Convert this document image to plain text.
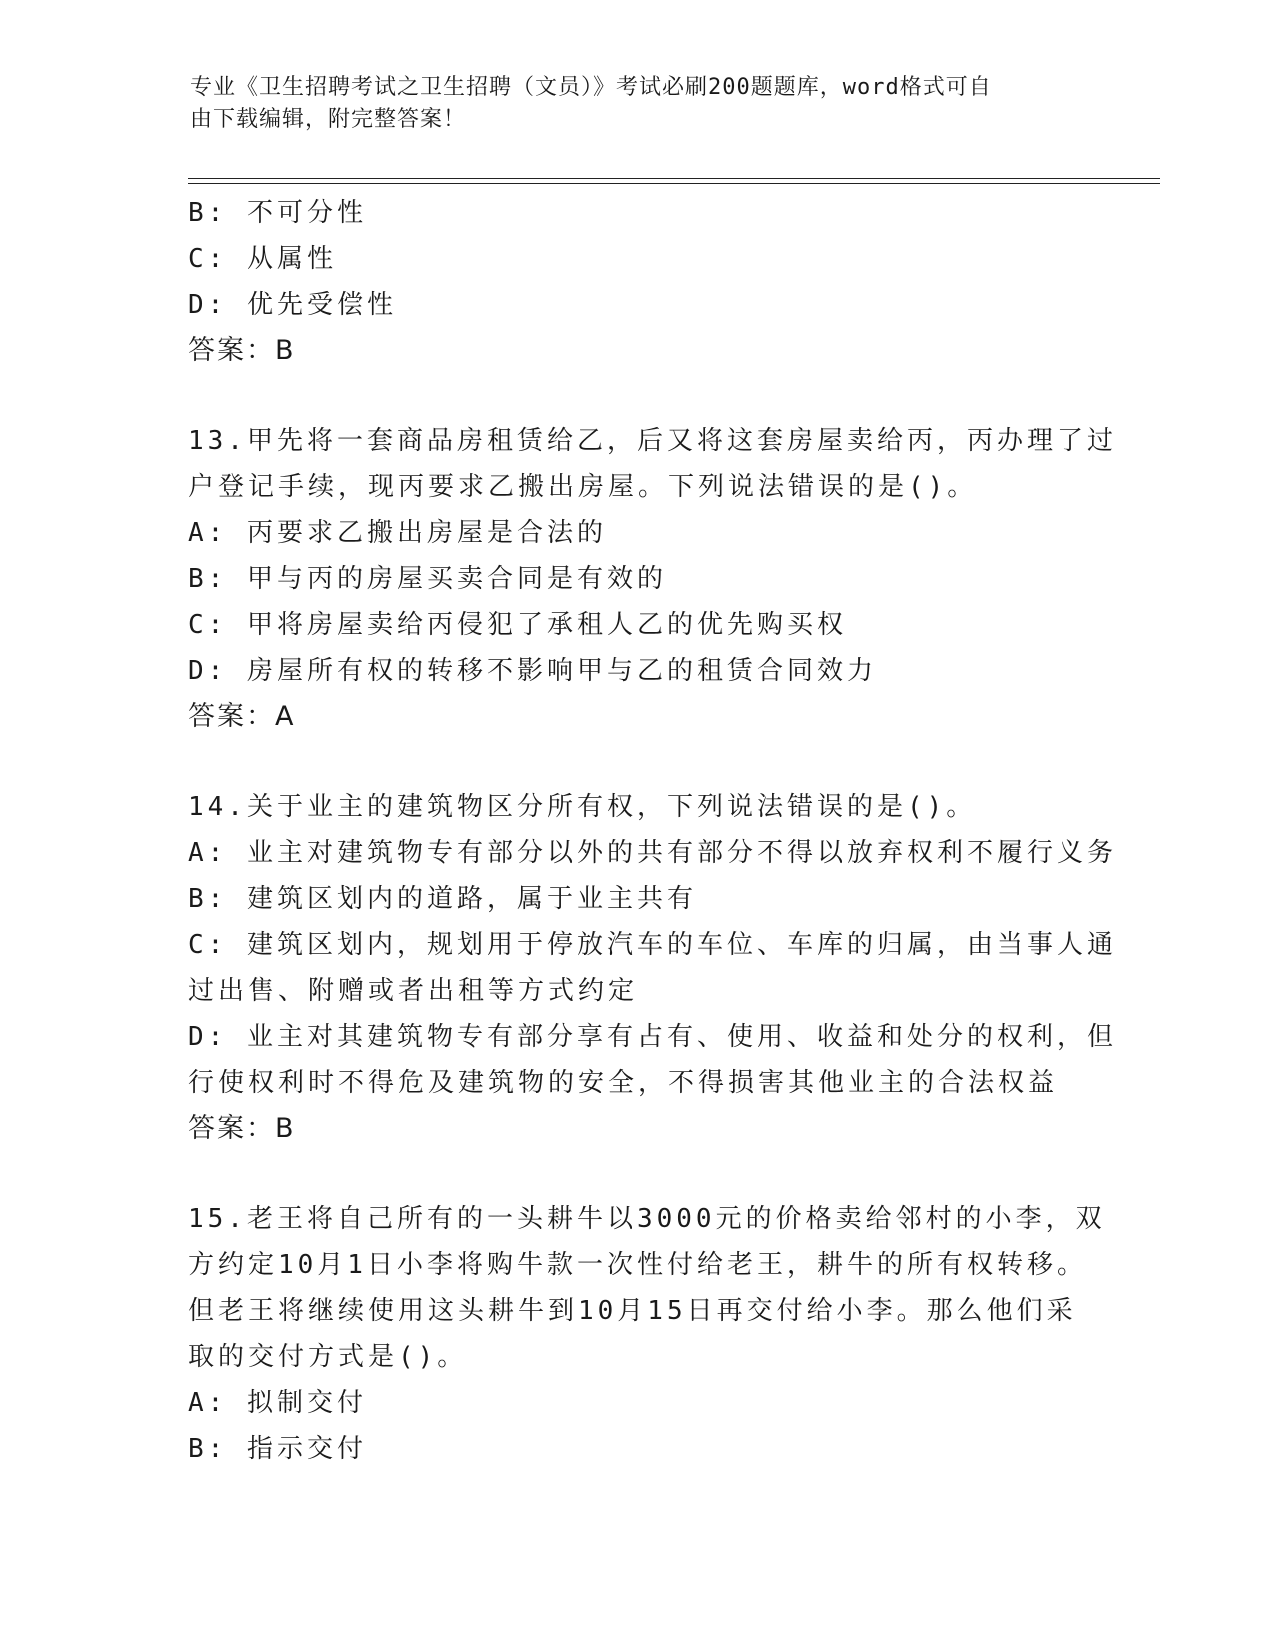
专业《卫生招聘考试之卫生招聘（文员）》考试必刷200题题库，word格式可自
由下载编辑，附完整答案！
B: 不可分性
C: 从属性
D: 优先受偿性
答案：B
13.甲先将一套商品房租赁给乙，后又将这套房屋卖给丙，丙办理了过
户登记手续，现丙要求乙搬出房屋。下列说法错误的是()。
A: 丙要求乙搬出房屋是合法的
B: 甲与丙的房屋买卖合同是有效的
C: 甲将房屋卖给丙侵犯了承租人乙的优先购买权
D: 房屋所有权的转移不影响甲与乙的租赁合同效力
答案：A
14.关于业主的建筑物区分所有权，下列说法错误的是()。
A: 业主对建筑物专有部分以外的共有部分不得以放弃权利不履行义务
B: 建筑区划内的道路，属于业主共有
C: 建筑区划内，规划用于停放汽车的车位、车库的归属，由当事人通
过出售、附赠或者出租等方式约定
D: 业主对其建筑物专有部分享有占有、使用、收益和处分的权利，但
行使权利时不得危及建筑物的安全，不得损害其他业主的合法权益
答案：B
15.老王将自己所有的一头耕牛以3000元的价格卖给邻村的小李，双
方约定10月1日小李将购牛款一次性付给老王，耕牛的所有权转移。
但老王将继续使用这头耕牛到10月15日再交付给小李。那么他们采
取的交付方式是()。
A: 拟制交付
B: 指示交付
